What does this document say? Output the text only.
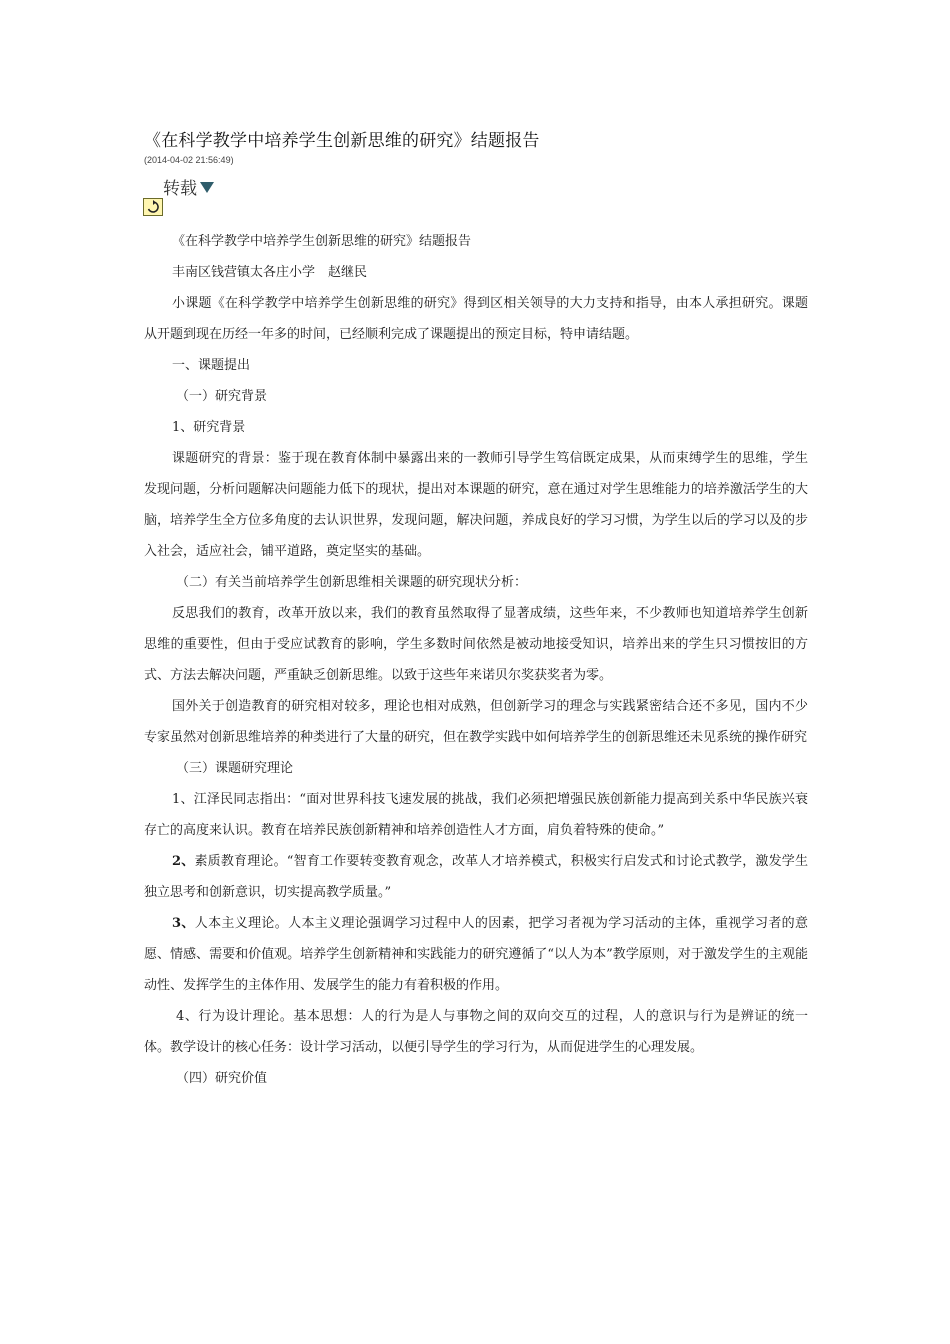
《在科学教学中培养学生创新思维的研究》结题报告
(2014-04-02 21:56:49)
转载

《在科学教学中培养学生创新思维的研究》结题报告

丰南区钱营镇太各庄小学　赵继民

小课题《在科学教学中培养学生创新思维的研究》得到区相关领导的大力支持和指导，由本人承担研究。课题从开题到现在历经一年多的时间，已经顺利完成了课题提出的预定目标，特申请结题。

一、课题提出

（一）研究背景

1、研究背景

课题研究的背景：鉴于现在教育体制中暴露出来的一教师引导学生笃信既定成果，从而束缚学生的思维，学生发现问题，分析问题解决问题能力低下的现状，提出对本课题的研究，意在通过对学生思维能力的培养激活学生的大脑，培养学生全方位多角度的去认识世界，发现问题，解决问题，养成良好的学习习惯，为学生以后的学习以及的步入社会，适应社会，铺平道路，奠定坚实的基础。

（二）有关当前培养学生创新思维相关课题的研究现状分析：

反思我们的教育，改革开放以来，我们的教育虽然取得了显著成绩，这些年来，不少教师也知道培养学生创新思维的重要性，但由于受应试教育的影响，学生多数时间依然是被动地接受知识，培养出来的学生只习惯按旧的方式、方法去解决问题，严重缺乏创新思维。以致于这些年来诺贝尔奖获奖者为零。

国外关于创造教育的研究相对较多，理论也相对成熟，但创新学习的理念与实践紧密结合还不多见，国内不少专家虽然对创新思维培养的种类进行了大量的研究，但在教学实践中如何培养学生的创新思维还未见系统的操作研究

（三）课题研究理论

1、江泽民同志指出：“面对世界科技飞速发展的挑战，我们必须把增强民族创新能力提高到关系中华民族兴衰存亡的高度来认识。教育在培养民族创新精神和培养创造性人才方面，肩负着特殊的使命。”

2、素质教育理论。“智育工作要转变教育观念，改革人才培养模式，积极实行启发式和讨论式教学，激发学生独立思考和创新意识，切实提高教学质量。”

3、人本主义理论。人本主义理论强调学习过程中人的因素，把学习者视为学习活动的主体，重视学习者的意愿、情感、需要和价值观。培养学生创新精神和实践能力的研究遵循了“以人为本”教学原则，对于激发学生的主观能动性、发挥学生的主体作用、发展学生的能力有着积极的作用。

4、行为设计理论。基本思想：人的行为是人与事物之间的双向交互的过程，人的意识与行为是辨证的统一体。教学设计的核心任务：设计学习活动，以便引导学生的学习行为，从而促进学生的心理发展。

（四）研究价值
